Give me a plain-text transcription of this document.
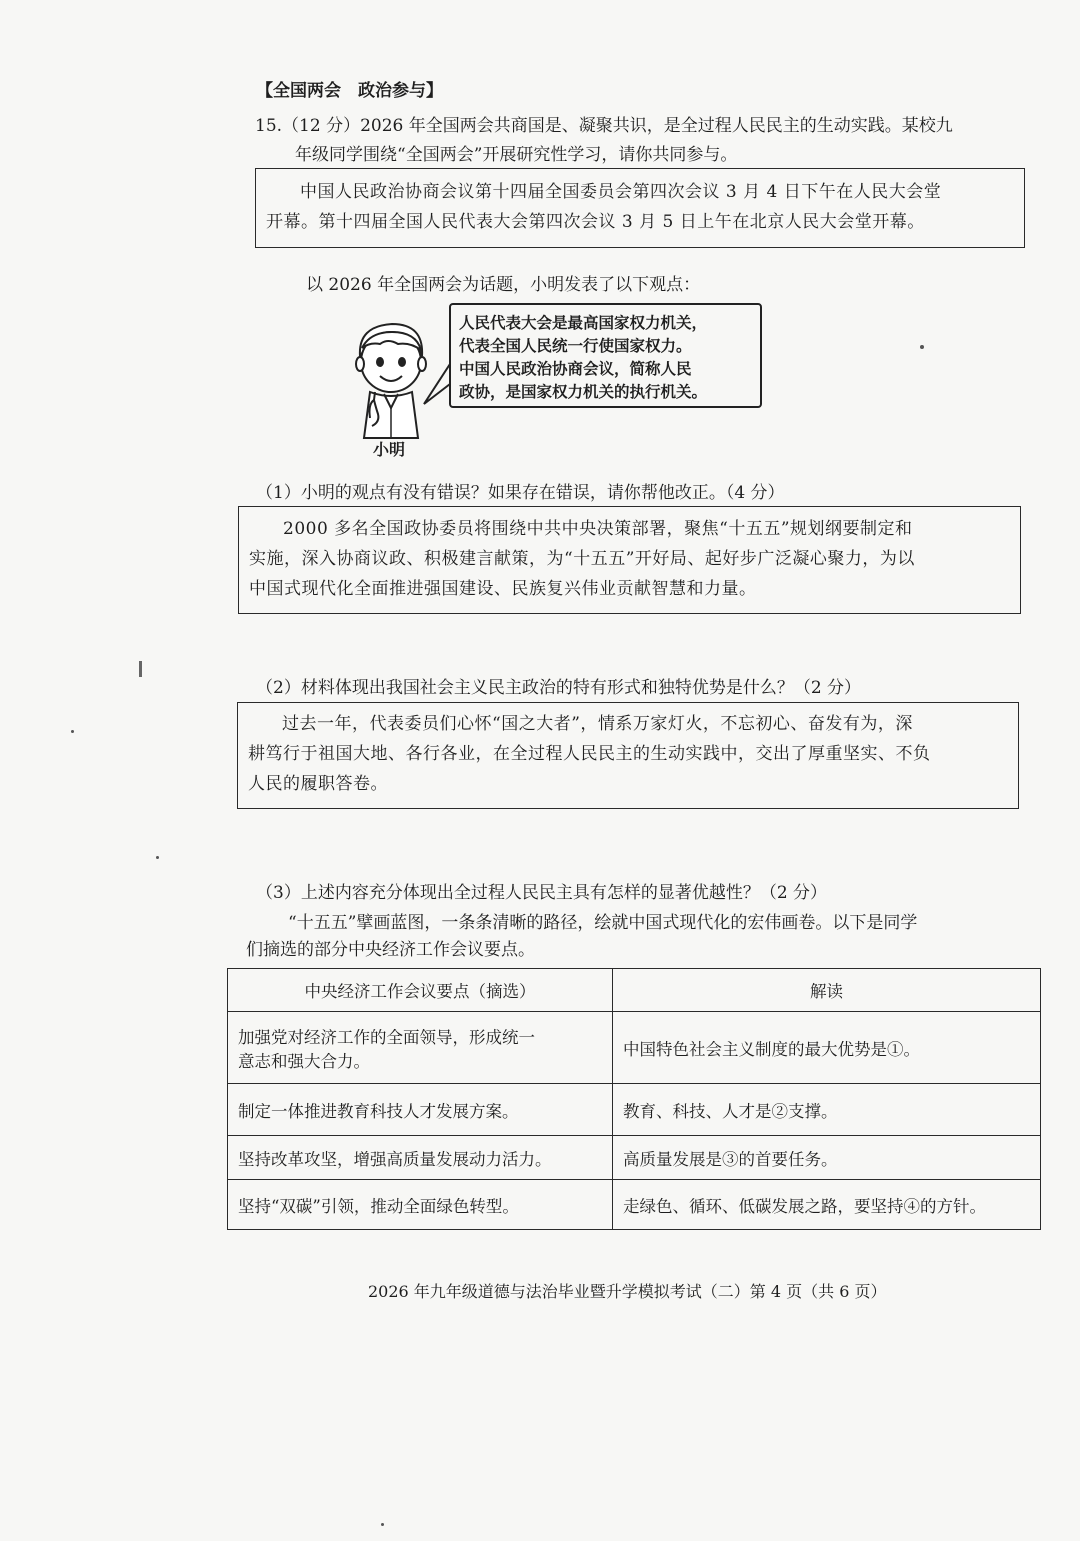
【全国两会　政治参与】
15.（12 分）2026 年全国两会共商国是、凝聚共识，是全过程人民民主的生动实践。某校九
年级同学围绕“全国两会”开展研究性学习，请你共同参与。

中国人民政治协商会议第十四届全国委员会第四次会议 3 月 4 日下午在人民大会堂

开幕。第十四届全国人民代表大会第四次会议 3 月 5 日上午在北京人民大会堂开幕。

以 2026 年全国两会为话题，小明发表了以下观点：
小明

人民代表大会是最高国家权力机关，

代表全国人民统一行使国家权力。

中国人民政治协商会议，简称人民

政协，是国家权力机关的执行机关。

（1）小明的观点有没有错误？如果存在错误，请你帮他改正。（4 分）

2000 多名全国政协委员将围绕中共中央决策部署，聚焦“十五五”规划纲要制定和

实施，深入协商议政、积极建言献策，为“十五五”开好局、起好步广泛凝心聚力，为以

中国式现代化全面推进强国建设、民族复兴伟业贡献智慧和力量。

（2）材料体现出我国社会主义民主政治的特有形式和独特优势是什么？（2 分）

过去一年，代表委员们心怀“国之大者”，情系万家灯火，不忘初心、奋发有为，深

耕笃行于祖国大地、各行各业，在全过程人民民主的生动实践中，交出了厚重坚实、不负

人民的履职答卷。

（3）上述内容充分体现出全过程人民民主具有怎样的显著优越性？（2 分）
“十五五”擘画蓝图，一条条清晰的路径，绘就中国式现代化的宏伟画卷。以下是同学
们摘选的部分中央经济工作会议要点。
中央经济工作会议要点（摘选）	解读

加强党对经济工作的全面领导，形成统一
意志和强大合力。	中国特色社会主义制度的最大优势是①。
制定一体推进教育科技人才发展方案。	教育、科技、人才是②支撑。
坚持改革攻坚，增强高质量发展动力活力。	高质量发展是③的首要任务。
坚持“双碳”引领，推动全面绿色转型。	走绿色、循环、低碳发展之路，要坚持④的方针。
2026 年九年级道德与法治毕业暨升学模拟考试（二）第 4 页（共 6 页）
